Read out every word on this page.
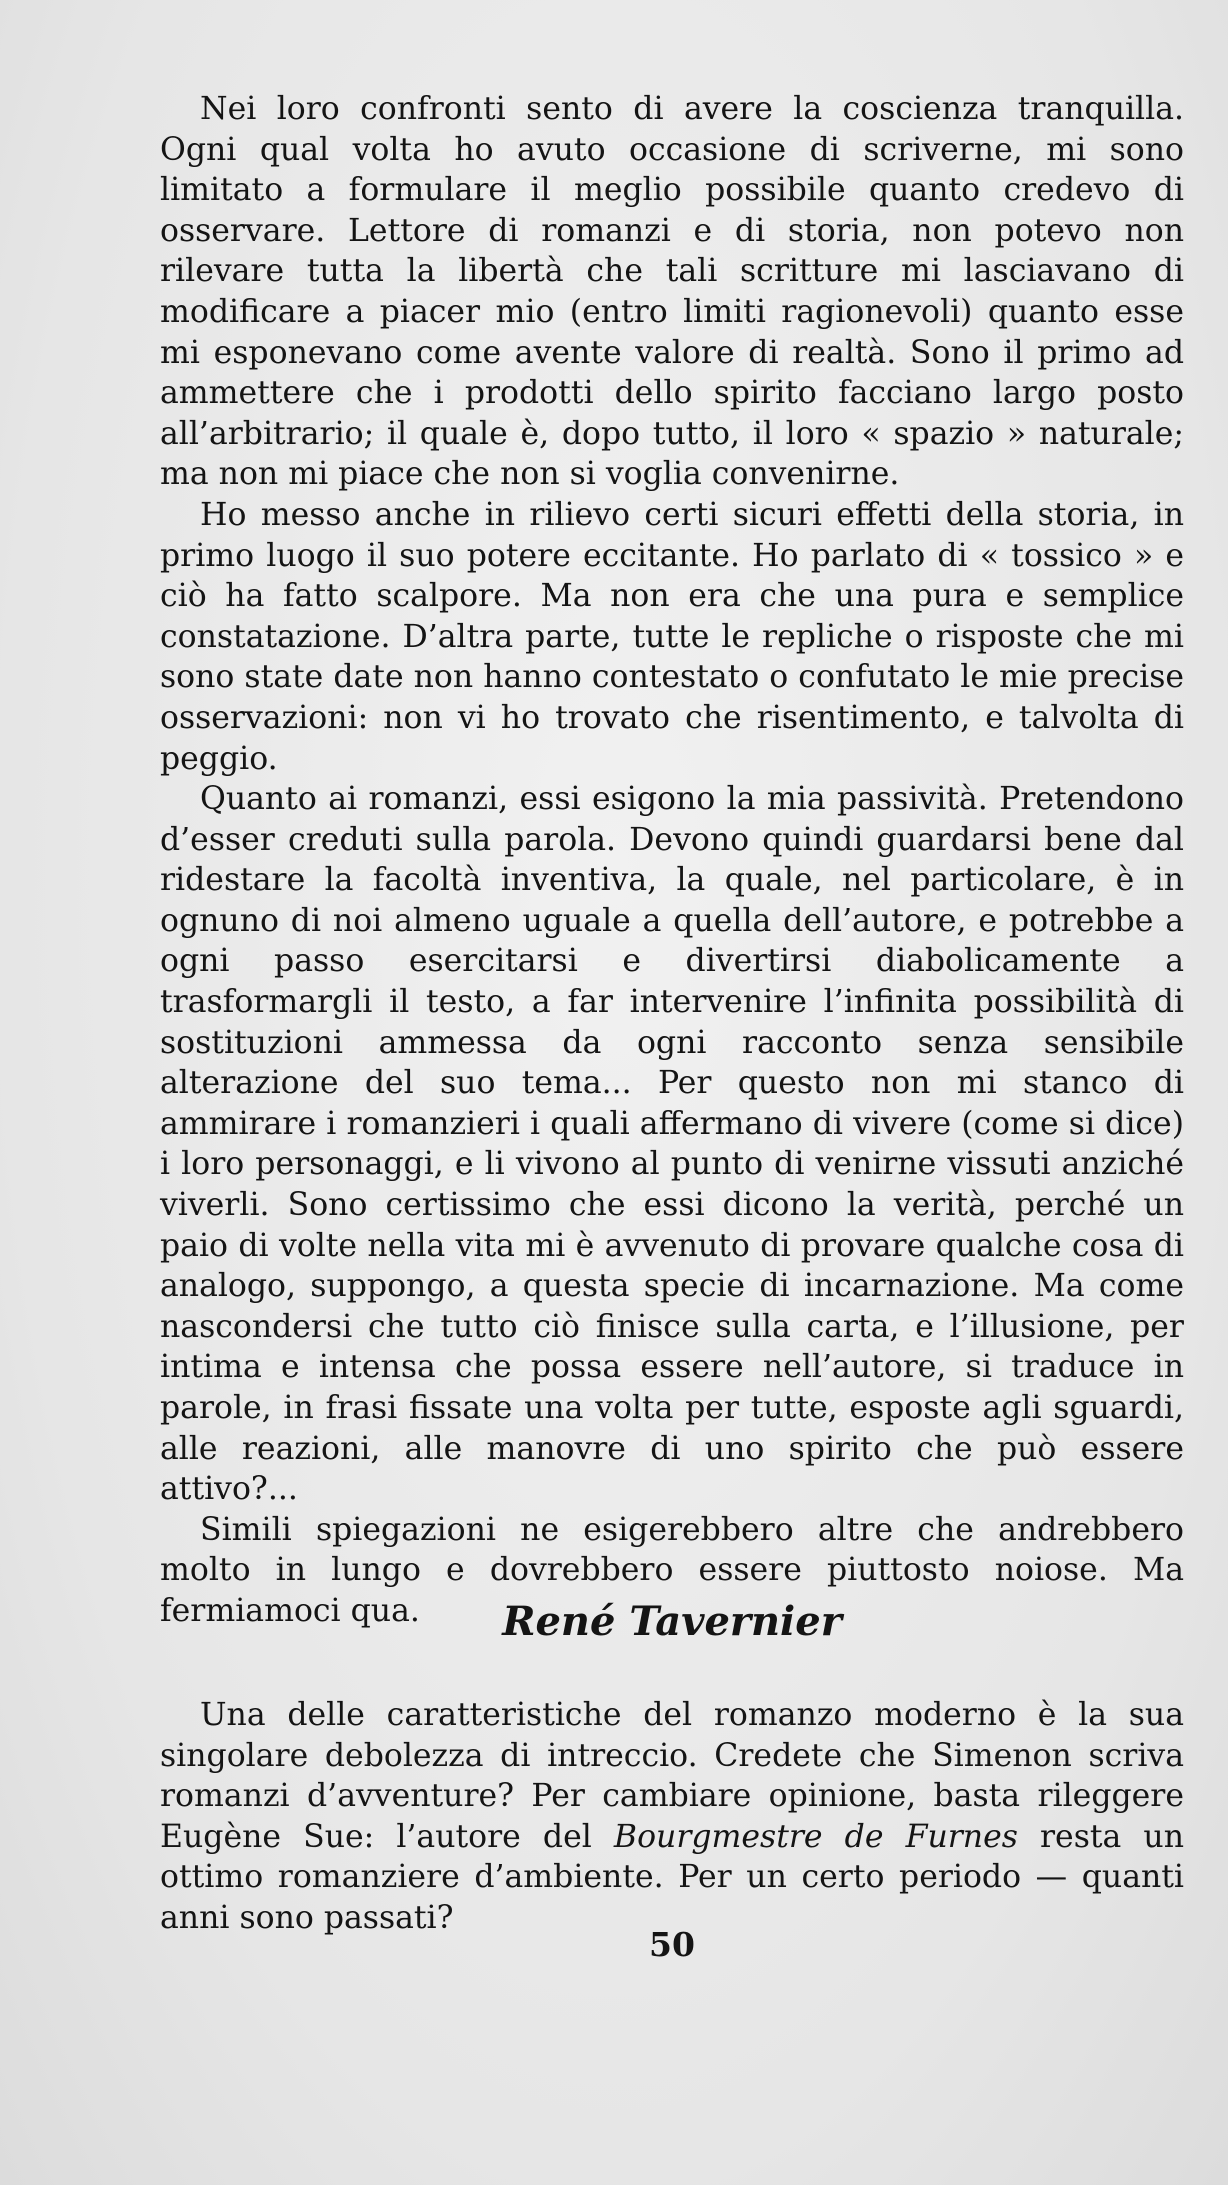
Nei loro confronti sento di avere la coscienza tranquilla. Ogni qual volta ho avuto occasione di scriverne, mi sono limitato a formulare il meglio possibile quanto credevo di osservare. Lettore di romanzi e di storia, non potevo non rilevare tutta la libertà che tali scritture mi lasciavano di modificare a piacer mio (entro limiti ragionevoli) quanto esse mi esponevano come avente valore di realtà. Sono il primo ad ammettere che i prodotti dello spirito facciano largo posto all’arbitrario; il quale è, dopo tutto, il loro « spazio » naturale; ma non mi piace che non si voglia convenirne.

Ho messo anche in rilievo certi sicuri effetti della storia, in primo luogo il suo potere eccitante. Ho parlato di « tossico » e ciò ha fatto scalpore. Ma non era che una pura e semplice constatazione. D’altra parte, tutte le repliche o risposte che mi sono state date non hanno contestato o confutato le mie precise osservazioni: non vi ho trovato che risentimento, e talvolta di peggio.

Quanto ai romanzi, essi esigono la mia passività. Pretendono d’esser creduti sulla parola. Devono quindi guardarsi bene dal ridestare la facoltà inventiva, la quale, nel particolare, è in ognuno di noi almeno uguale a quella dell’autore, e potrebbe a ogni passo esercitarsi e divertirsi diabolicamente a trasformargli il testo, a far intervenire l’infinita possibilità di sostituzioni ammessa da ogni racconto senza sensibile alterazione del suo tema... Per questo non mi stanco di ammirare i romanzieri i quali affermano di vivere (come si dice) i loro personaggi, e li vivono al punto di venirne vissuti anziché viverli. Sono certissimo che essi dicono la verità, perché un paio di volte nella vita mi è avvenuto di provare qualche cosa di analogo, suppongo, a questa specie di incarnazione. Ma come nascondersi che tutto ciò finisce sulla carta, e l’illusione, per intima e intensa che possa essere nell’autore, si traduce in parole, in frasi fissate una volta per tutte, esposte agli sguardi, alle reazioni, alle manovre di uno spirito che può essere attivo?...

Simili spiegazioni ne esigerebbero altre che andrebbero molto in lungo e dovrebbero essere piuttosto noiose. Ma fermiamoci qua.	René Tavernier

Una delle caratteristiche del romanzo moderno è la sua singolare debolezza di intreccio. Credete che Simenon scriva romanzi d’avventure? Per cambiare opinione, basta rileggere Eugène Sue: l’autore del Bourgmestre de Furnes resta un ottimo romanziere d’ambiente. Per un certo periodo — quanti anni sono passati?

50
